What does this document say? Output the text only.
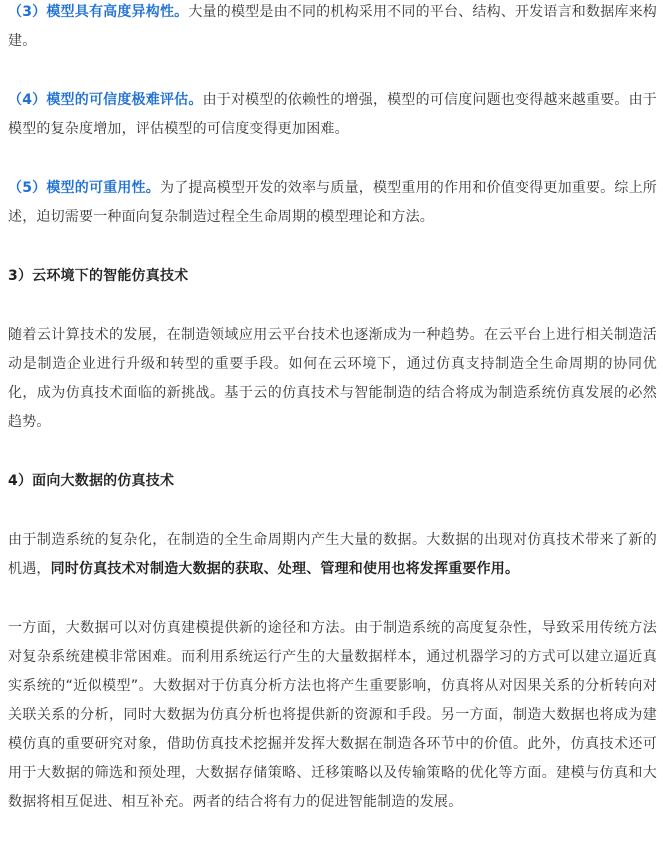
（3）模型具有高度异构性。大量的模型是由不同的机构采用不同的平台、结构、开发语言和数据库来构建。

（4）模型的可信度极难评估。由于对模型的依赖性的增强，模型的可信度问题也变得越来越重要。由于模型的复杂度增加，评估模型的可信度变得更加困难。

（5）模型的可重用性。为了提高模型开发的效率与质量，模型重用的作用和价值变得更加重要。综上所述，迫切需要一种面向复杂制造过程全生命周期的模型理论和方法。

3）云环境下的智能仿真技术

随着云计算技术的发展，在制造领域应用云平台技术也逐渐成为一种趋势。在云平台上进行相关制造活动是制造企业进行升级和转型的重要手段。如何在云环境下，通过仿真支持制造全生命周期的协同优化，成为仿真技术面临的新挑战。基于云的仿真技术与智能制造的结合将成为制造系统仿真发展的必然趋势。

4）面向大数据的仿真技术

由于制造系统的复杂化，在制造的全生命周期内产生大量的数据。大数据的出现对仿真技术带来了新的机遇，同时仿真技术对制造大数据的获取、处理、管理和使用也将发挥重要作用。

一方面，大数据可以对仿真建模提供新的途径和方法。由于制造系统的高度复杂性，导致采用传统方法对复杂系统建模非常困难。而利用系统运行产生的大量数据样本，通过机器学习的方式可以建立逼近真实系统的“近似模型”。大数据对于仿真分析方法也将产生重要影响，仿真将从对因果关系的分析转向对关联关系的分析，同时大数据为仿真分析也将提供新的资源和手段。另一方面，制造大数据也将成为建模仿真的重要研究对象，借助仿真技术挖掘并发挥大数据在制造各环节中的价值。此外，仿真技术还可用于大数据的筛选和预处理，大数据存储策略、迁移策略以及传输策略的优化等方面。建模与仿真和大数据将相互促进、相互补充。两者的结合将有力的促进智能制造的发展。
